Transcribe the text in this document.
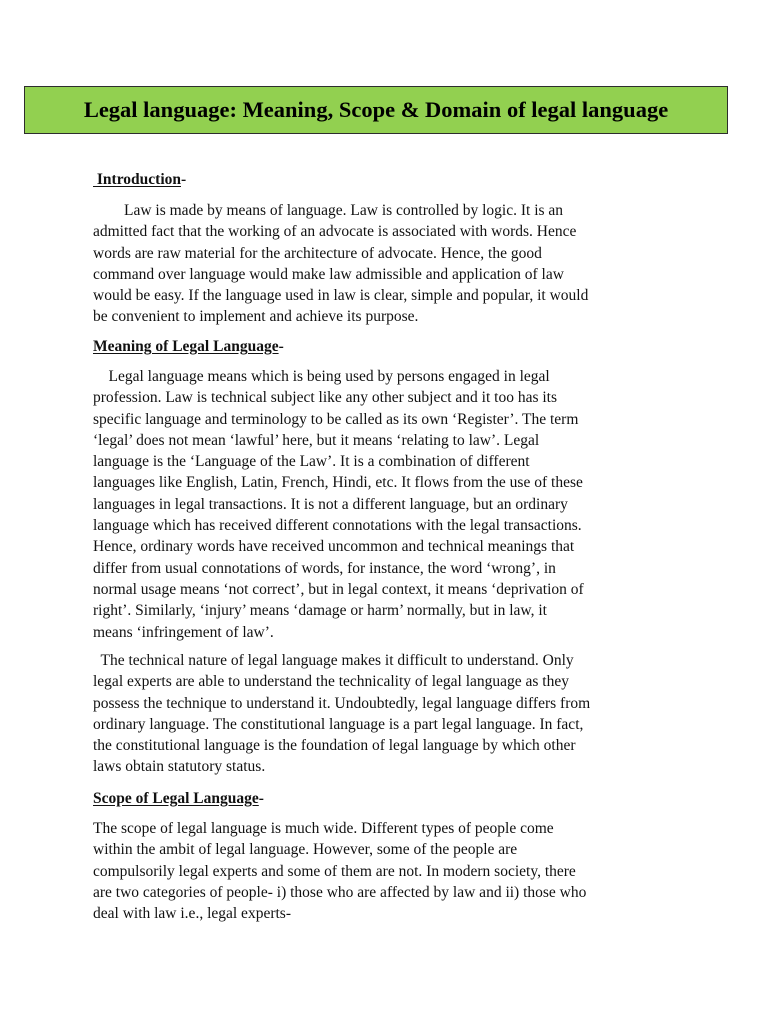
Legal language: Meaning, Scope & Domain of legal language
Introduction-
Law is made by means of language. Law is controlled by logic. It is an
admitted fact that the working of an advocate is associated with words. Hence
words are raw material for the architecture of advocate. Hence, the good
command over language would make law admissible and application of law
would be easy. If the language used in law is clear, simple and popular, it would
be convenient to implement and achieve its purpose.
Meaning of Legal Language-
Legal language means which is being used by persons engaged in legal
profession. Law is technical subject like any other subject and it too has its
specific language and terminology to be called as its own ‘Register’. The term
‘legal’ does not mean ‘lawful’ here, but it means ‘relating to law’. Legal
language is the ‘Language of the Law’. It is a combination of different
languages like English, Latin, French, Hindi, etc. It flows from the use of these
languages in legal transactions. It is not a different language, but an ordinary
language which has received different connotations with the legal transactions.
Hence, ordinary words have received uncommon and technical meanings that
differ from usual connotations of words, for instance, the word ‘wrong’, in
normal usage means ‘not correct’, but in legal context, it means ‘deprivation of
right’. Similarly, ‘injury’ means ‘damage or harm’ normally, but in law, it
means ‘infringement of law’.
The technical nature of legal language makes it difficult to understand. Only
legal experts are able to understand the technicality of legal language as they
possess the technique to understand it. Undoubtedly, legal language differs from
ordinary language. The constitutional language is a part legal language. In fact,
the constitutional language is the foundation of legal language by which other
laws obtain statutory status.
Scope of Legal Language-
The scope of legal language is much wide. Different types of people come
within the ambit of legal language. However, some of the people are
compulsorily legal experts and some of them are not. In modern society, there
are two categories of people- i) those who are affected by law and ii) those who
deal with law i.e., legal experts-
